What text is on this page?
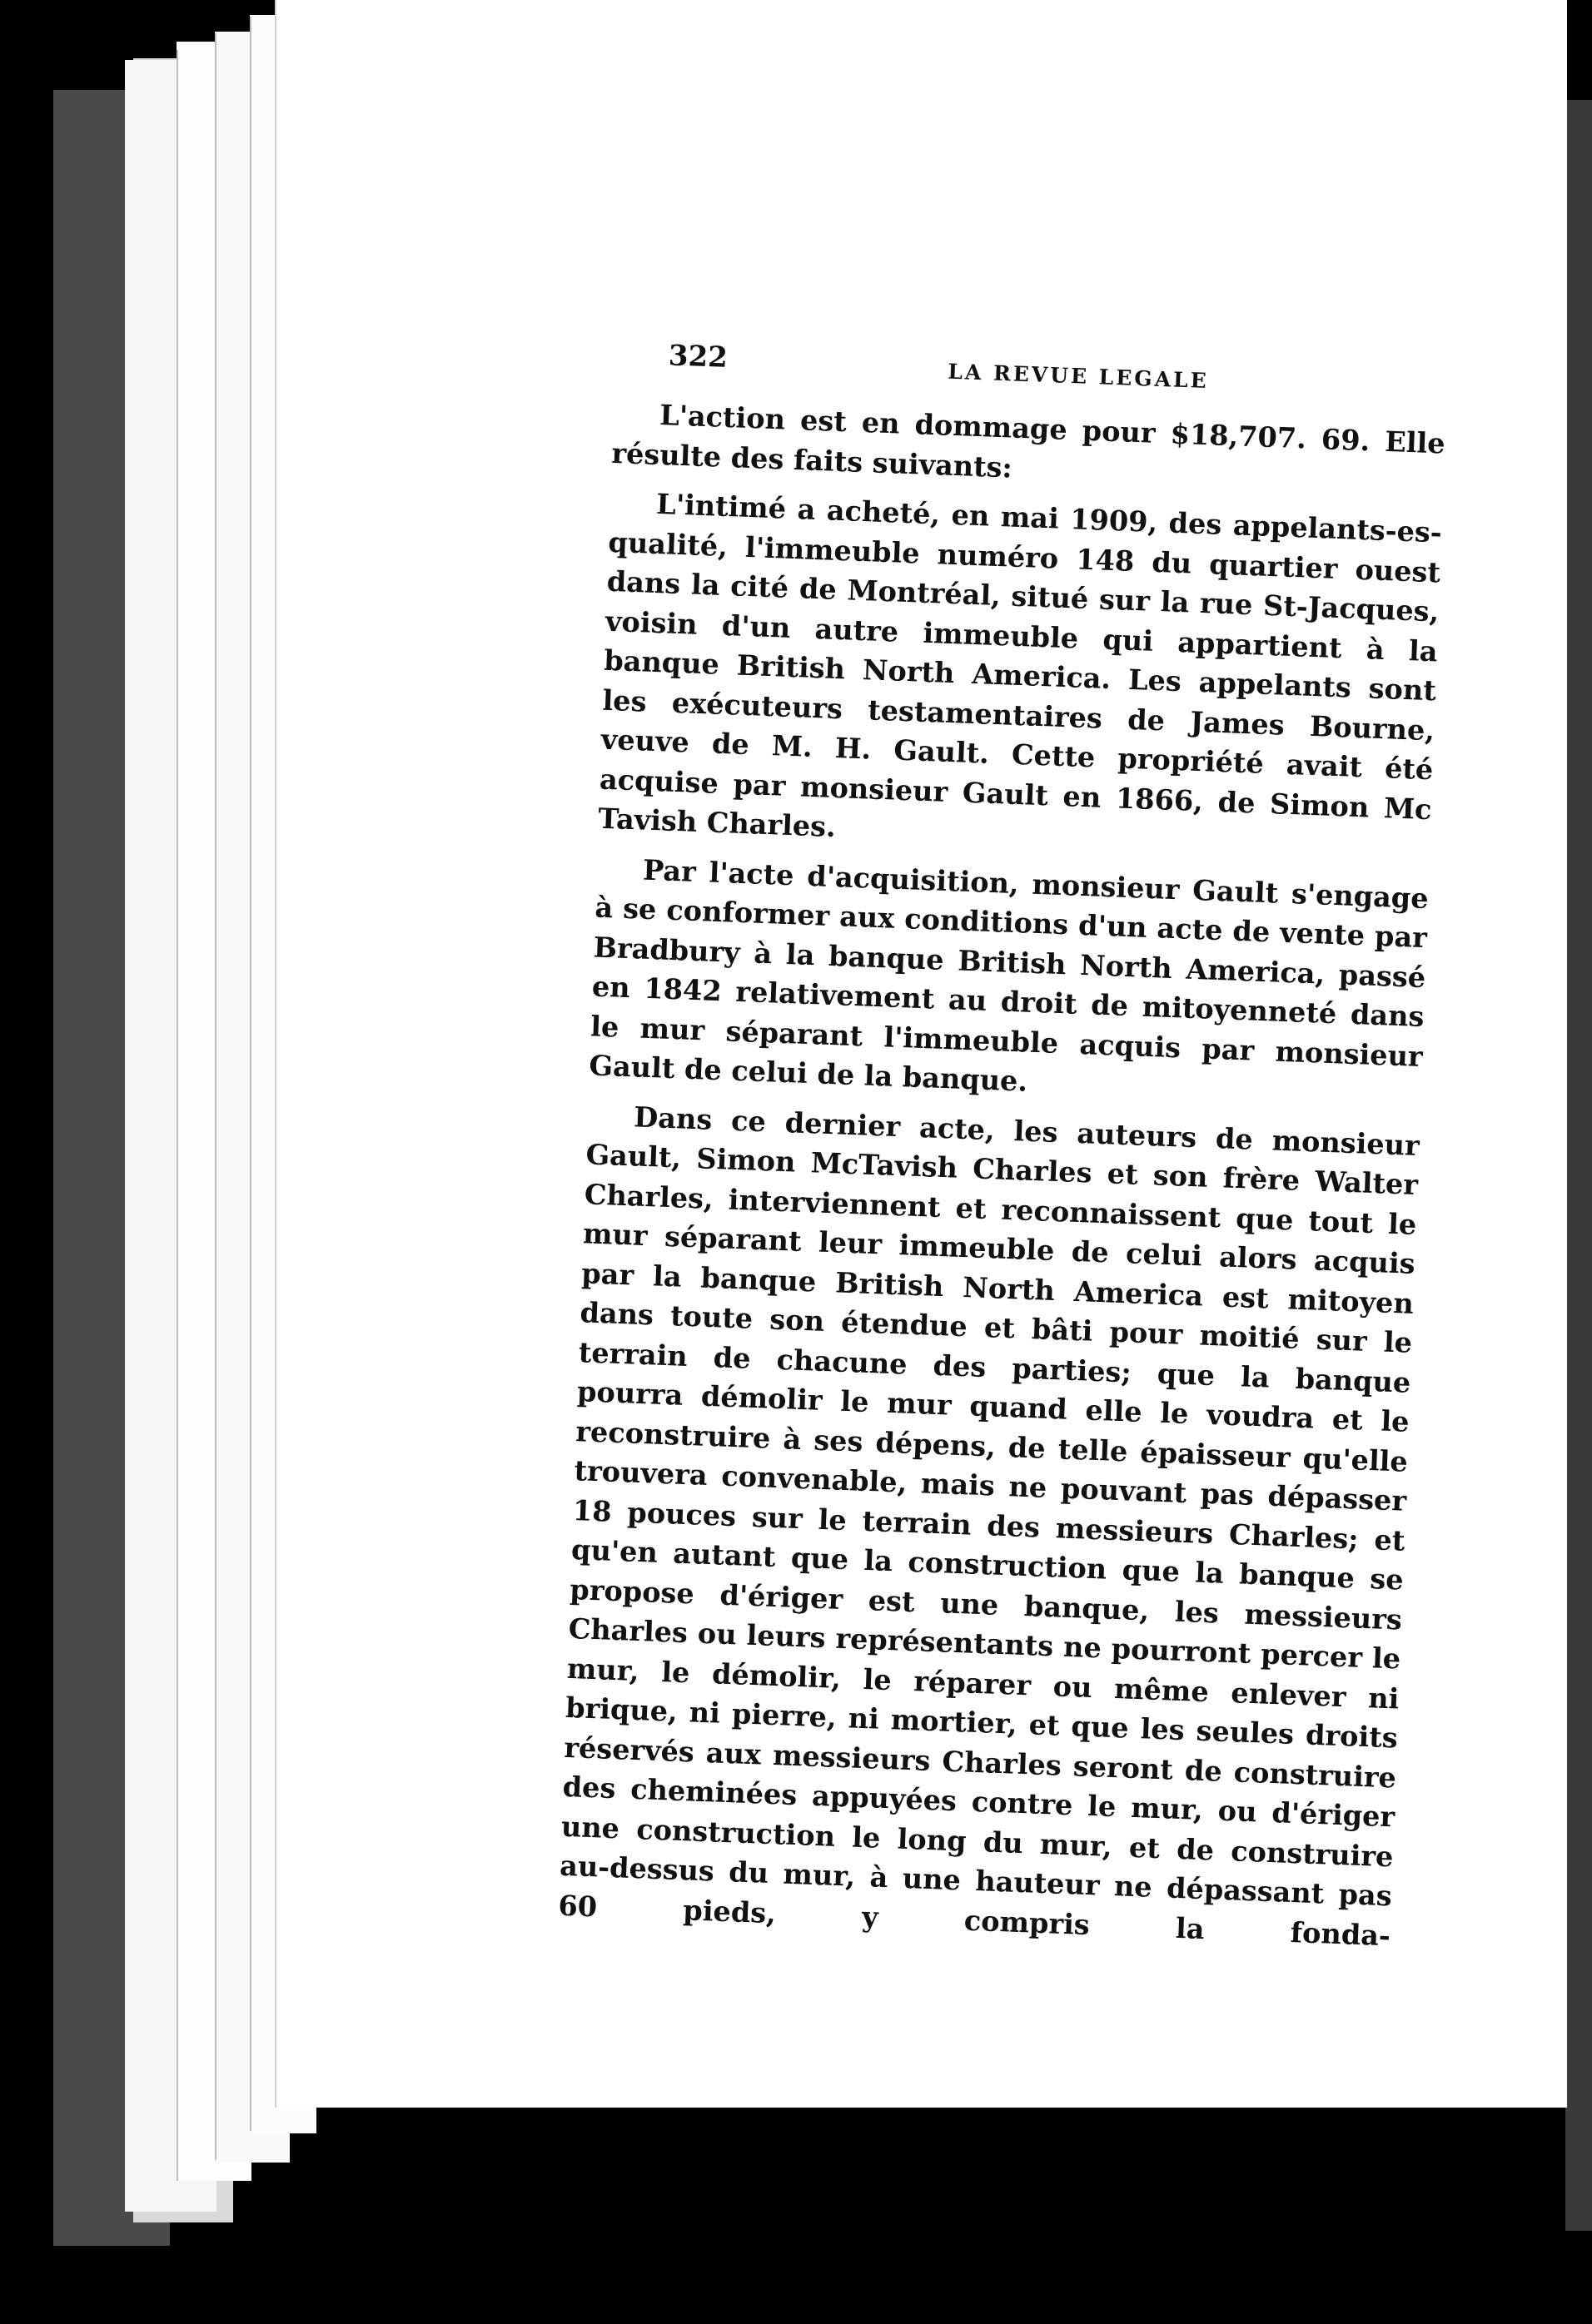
322
LA REVUE LEGALE

L'action est en dommage pour $18,707. 69. Elle résulte des faits suivants:

L'intimé a acheté, en mai 1909, des appelants-es-qualité, l'immeuble numéro 148 du quartier ouest dans la cité de Montréal, situé sur la rue St-Jacques, voisin d'un autre immeuble qui appartient à la banque British North America. Les appelants sont les exécuteurs testamentaires de James Bourne, veuve de M. H. Gault. Cette propriété avait été acquise par monsieur Gault en 1866, de Simon Mc Tavish Charles.

Par l'acte d'acquisition, monsieur Gault s'engage à se conformer aux conditions d'un acte de vente par Bradbury à la banque British North America, passé en 1842 relativement au droit de mitoyenneté dans le mur séparant l'immeuble acquis par monsieur Gault de celui de la banque.

Dans ce dernier acte, les auteurs de monsieur Gault, Simon McTavish Charles et son frère Walter Charles, interviennent et reconnaissent que tout le mur séparant leur immeuble de celui alors acquis par la banque British North America est mitoyen dans toute son étendue et bâti pour moitié sur le terrain de chacune des parties; que la banque pourra démolir le mur quand elle le voudra et le reconstruire à ses dépens, de telle épaisseur qu'elle trouvera convenable, mais ne pouvant pas dépasser 18 pouces sur le terrain des messieurs Charles; et qu'en autant que la construction que la banque se propose d'ériger est une banque, les messieurs Charles ou leurs représentants ne pourront percer le mur, le démolir, le réparer ou même enlever ni brique, ni pierre, ni mortier, et que les seules droits réservés aux messieurs Charles seront de construire des cheminées appuyées contre le mur, ou d'ériger une construction le long du mur, et de construire au-dessus du mur, à une hauteur ne dépassant pas 60 pieds, y compris la fonda-
